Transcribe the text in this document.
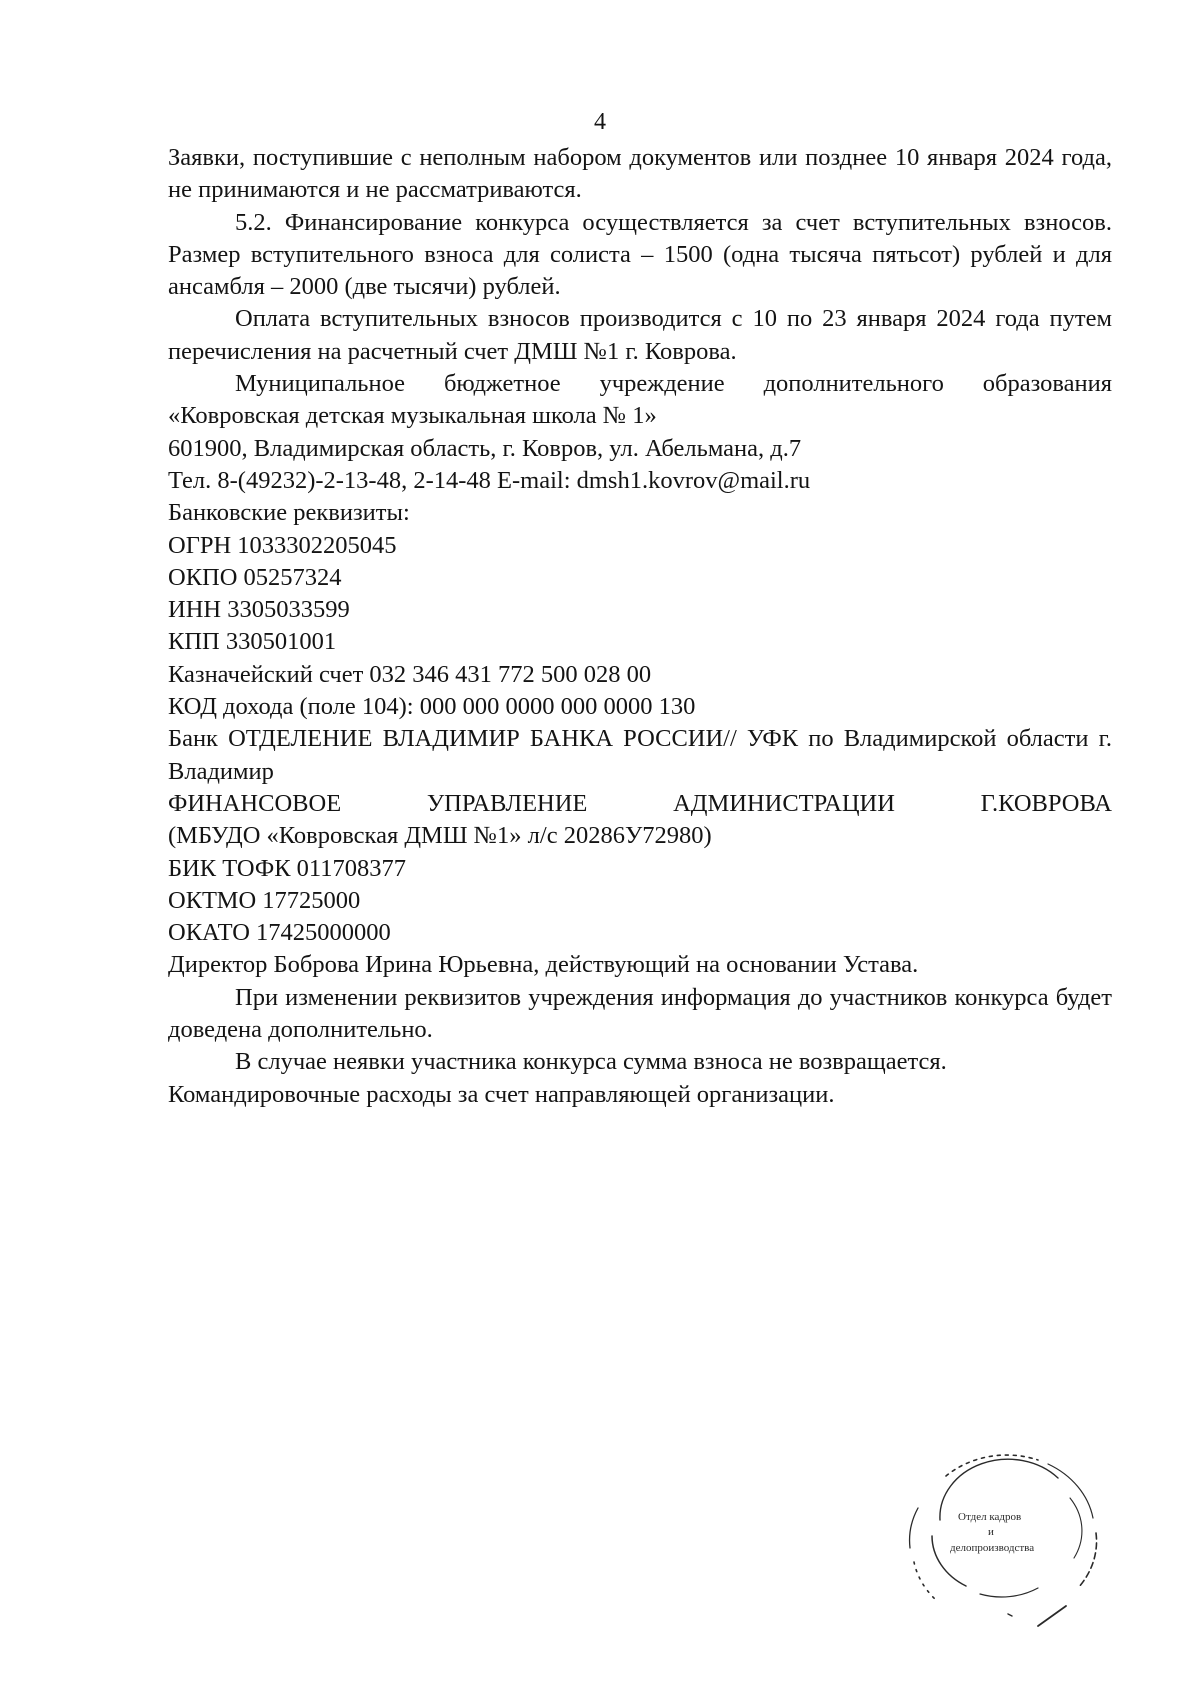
4

Заявки, поступившие с неполным набором документов или позднее 10 января 2024 года, не принимаются и не рассматриваются.

5.2. Финансирование конкурса осуществляется за счет вступительных взносов. Размер вступительного взноса для солиста – 1500 (одна тысяча пятьсот) рублей и для ансамбля – 2000 (две тысячи) рублей.

Оплата вступительных взносов производится с 10 по 23 января 2024 года путем перечисления на расчетный счет ДМШ №1 г. Коврова.

Муниципальное бюджетное учреждение дополнительного образования «Ковровская детская музыкальная школа № 1»

601900, Владимирская область, г. Ковров, ул. Абельмана, д.7

Тел. 8-(49232)-2-13-48, 2-14-48 E-mail: dmsh1.kovrov@mail.ru

Банковские реквизиты:

ОГРН 1033302205045

ОКПО 05257324

ИНН 3305033599

КПП 330501001

Казначейский счет 032 346 431 772 500 028 00

КОД дохода (поле 104): 000 000 0000 000 0000 130

Банк ОТДЕЛЕНИЕ ВЛАДИМИР БАНКА РОССИИ// УФК по Владимирской области г. Владимир

ФИНАНСОВОЕ УПРАВЛЕНИЕ АДМИНИСТРАЦИИ Г.КОВРОВА

(МБУДО «Ковровская ДМШ №1» л/с 20286У72980)

БИК ТОФК 011708377

ОКТМО 17725000

ОКАТО 17425000000

Директор Боброва Ирина Юрьевна, действующий на основании Устава.

При изменении реквизитов учреждения информация до участников конкурса будет доведена дополнительно.

В случае неявки участника конкурса сумма взноса не возвращается.

Командировочные расходы за счет направляющей организации.

Отдел кадров
и
делопроизводства
